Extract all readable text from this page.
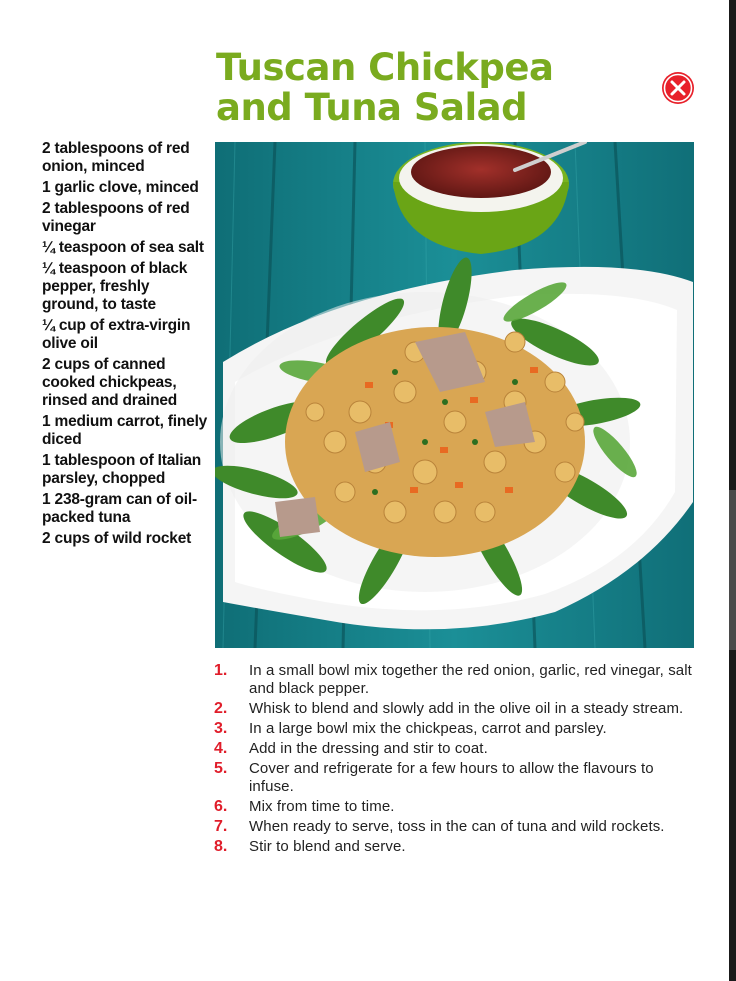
Tuscan Chickpea
and Tuna Salad
2 tablespoons of red onion, minced
1 garlic clove, minced
2 tablespoons of red vinegar
¼ teaspoon of sea salt
¼ teaspoon of black pepper, freshly ground, to taste
¼ cup of extra-virgin olive oil
2 cups of canned cooked chickpeas, rinsed and drained
1 medium carrot, finely diced
1 tablespoon of Italian parsley, chopped
1 238-gram can of oil-packed tuna
2 cups of wild rocket
1.	In a small bowl mix together the red onion, garlic, red vinegar, salt and black pepper.
2.	Whisk to blend and slowly add in the olive oil in a steady stream.
3.	In a large bowl mix the chickpeas, carrot and parsley.
4.	Add in the dressing and stir to coat.
5.	Cover and refrigerate for a few hours to allow the flavours to infuse.
6.	Mix from time to time.
7.	When ready to serve, toss in the can of tuna and wild rockets.
8.	Stir to blend and serve.
